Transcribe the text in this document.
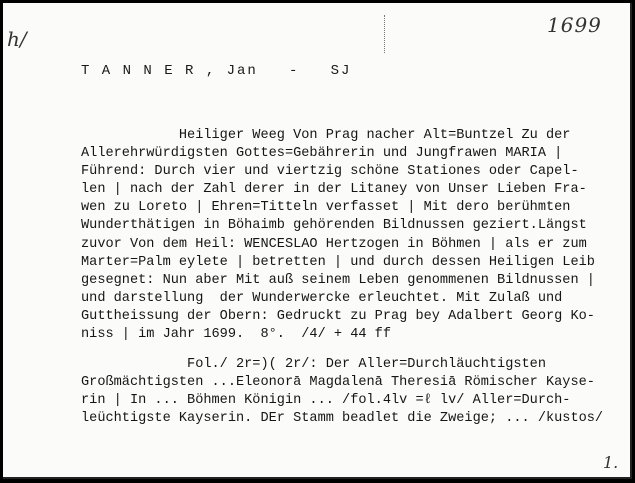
h/
1699
T A N N E R , Jan   -   SJ
Heiliger Weeg Von Prag nacher Alt=Buntzel Zu der
Allerehrwürdigsten Gottes=Gebährerin und Jungfrawen MARIA |
Führend: Durch vier und viertzig schöne Stationes oder Capel-
len | nach der Zahl derer in der Litaney von Unser Lieben Fra-
wen zu Loreto | Ehren=Titteln verfasset | Mit dero berühmten
Wunderthätigen in Böhaimb gehörenden Bildnussen geziert.Längst
zuvor Von dem Heil: WENCESLAO Hertzogen in Böhmen | als er zum
Marter=Palm eylete | betretten | und durch dessen Heiligen Leib
gesegnet: Nun aber Mit auß seinem Leben genommenen Bildnussen |
und darstellung  der Wunderwercke erleuchtet. Mit Zulaß und
Guttheissung der Obern: Gedruckt zu Prag bey Adalbert Georg Ko-
niss | im Jahr 1699.  8°.  /4/ + 44 ff
Fol./ 2r=)( 2r/: Der Aller=Durchläuchtigsten
Großmächtigsten ...Eleonorā Magdalenā Theresiā Römischer Kayse-
rin | In ... Böhmen Königin ... /fol.4lv =ℓ lv/ Aller=Durch-
leüchtigste Kayserin. DEr Stamm beadlet die Zweige; ... /kustos/
1.
